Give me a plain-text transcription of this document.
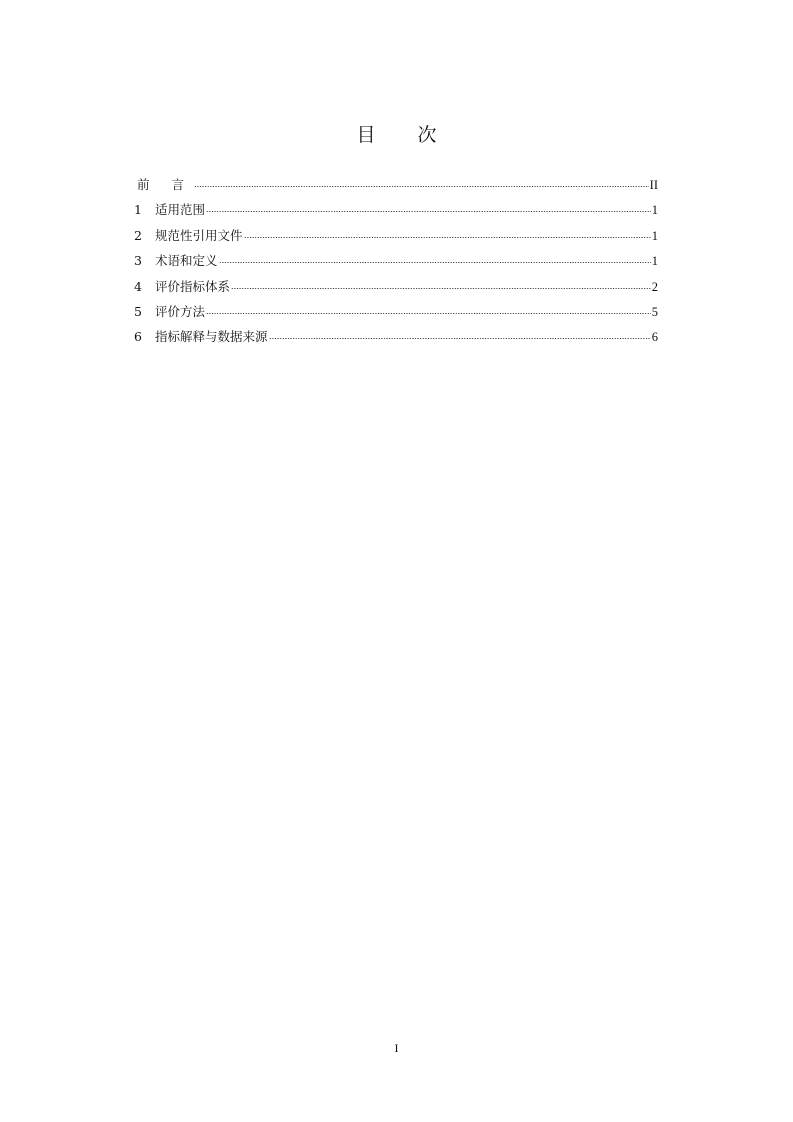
目 次
前 言	II
1	适用范围	1
2	规范性引用文件	1
3	术语和定义	1
4	评价指标体系	2
5	评价方法	5
6	指标解释与数据来源	6
I
